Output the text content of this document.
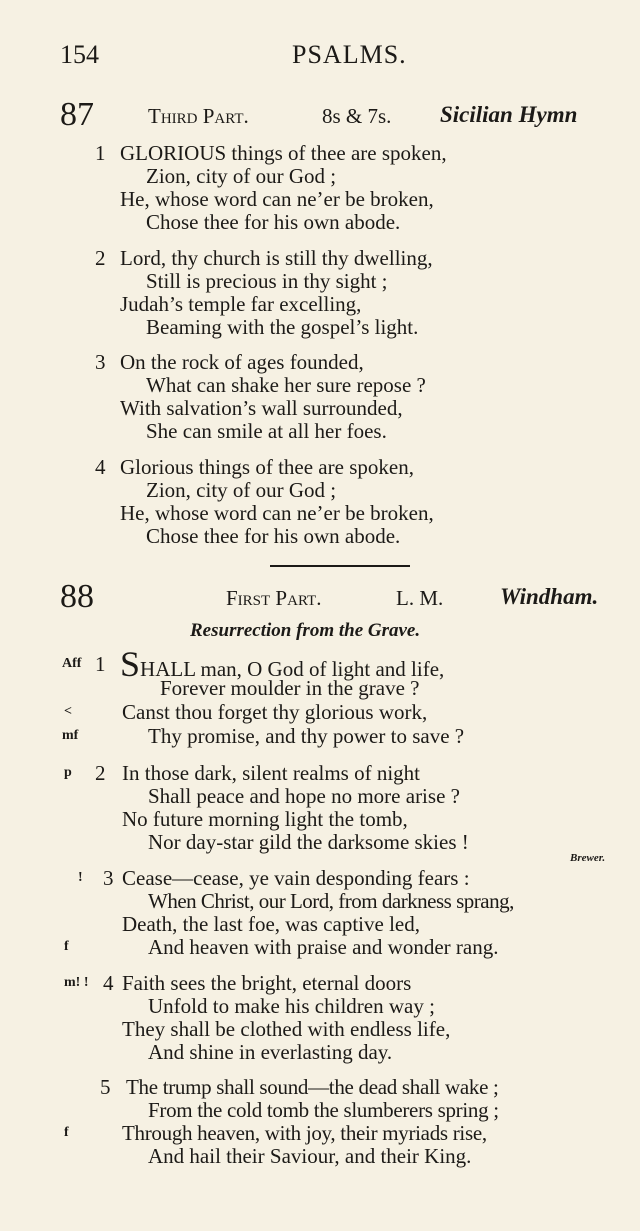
154	PSALMS.
87	Third Part.	8s & 7s. Sicilian Hymn
1 GLORIOUS things of thee are spoken,
Zion, city of our God ;
He, whose word can ne’er be broken,
Chose thee for his own abode.
2 Lord, thy church is still thy dwelling,
Still is precious in thy sight ;
Judah’s temple far excelling,
Beaming with the gospel’s light.
3 On the rock of ages founded,
What can shake her sure repose ?
With salvation’s wall surrounded,
She can smile at all her foes.
4 Glorious things of thee are spoken,
Zion, city of our God ;
He, whose word can ne’er be broken,
Chose thee for his own abode.
88	First Part.	L. M. Windham.
Resurrection from the Grave.
Aff 1 SHALL man, O God of light and life,
Forever moulder in the grave ?
< Canst thou forget thy glorious work,
mf	Thy promise, and thy power to save ?
p 2 In those dark, silent realms of night
Shall peace and hope no more arise ?
No future morning light the tomb,
Nor day-star gild the darksome skies !
Brewer.
! 3 Cease—cease, ye vain desponding fears :
When Christ, our Lord, from darkness sprang,
Death, the last foe, was captive led,
f	And heaven with praise and wonder rang.
m! ! 4 Faith sees the bright, eternal doors
Unfold to make his children way ;
They shall be clothed with endless life,
And shine in everlasting day.
5 The trump shall sound—the dead shall wake ;
From the cold tomb the slumberers spring ;
f	Through heaven, with joy, their myriads rise,
And hail their Saviour, and their King.
